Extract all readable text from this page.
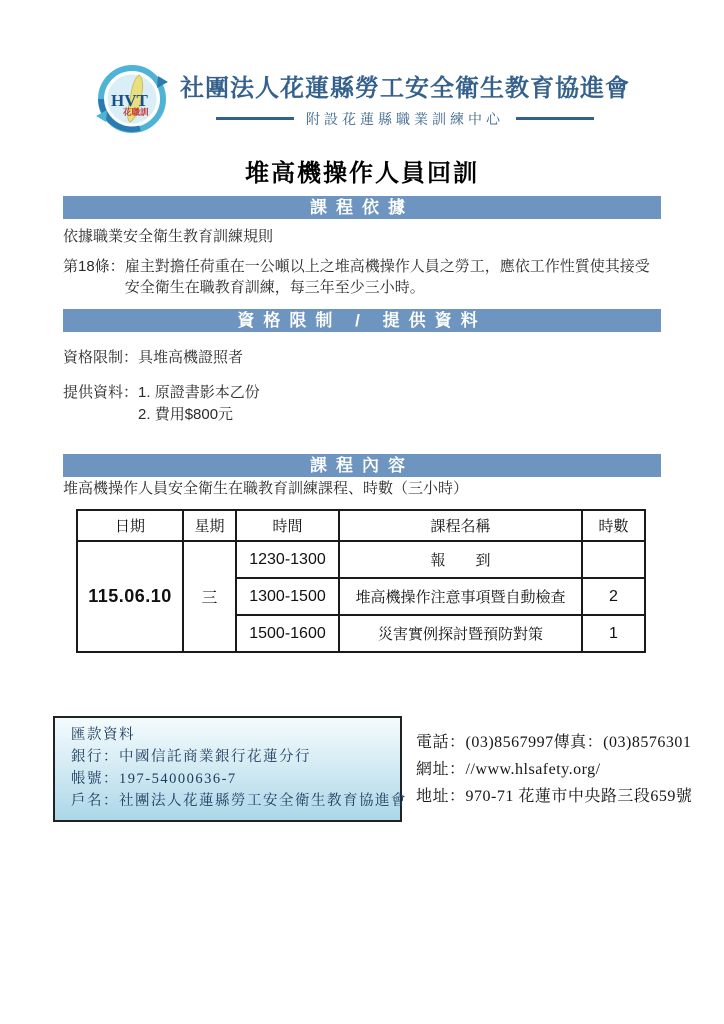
HVT
花職訓
社團法人花蓮縣勞工安全衛生教育協進會
附設花蓮縣職業訓練中心
堆高機操作人員回訓
課程依據
依據職業安全衛生教育訓練規則
第18條： 雇主對擔任荷重在一公噸以上之堆高機操作人員之勞工，應依工作性質使其接受
安全衛生在職教育訓練，每三年至少三小時。
資格限制 / 提供資料
資格限制：具堆高機證照者
提供資料： 1. 原證書影本乙份
2. 費用$800元
課程內容
堆高機操作人員安全衛生在職教育訓練課程、時數（三小時）
日期	星期	時間	課程名稱	時數
115.06.10	三	1230-1300	報　　到	
		1300-1500	堆高機操作注意事項暨自動檢查	2
		1500-1600	災害實例探討暨預防對策	1
匯款資料
銀行：中國信託商業銀行花蓮分行
帳號：197-54000636-7
戶名：社團法人花蓮縣勞工安全衛生教育協進會
電話：(03)8567997傳真：(03)8576301
網址：//www.hlsafety.org/
地址：970-71 花蓮市中央路三段659號
